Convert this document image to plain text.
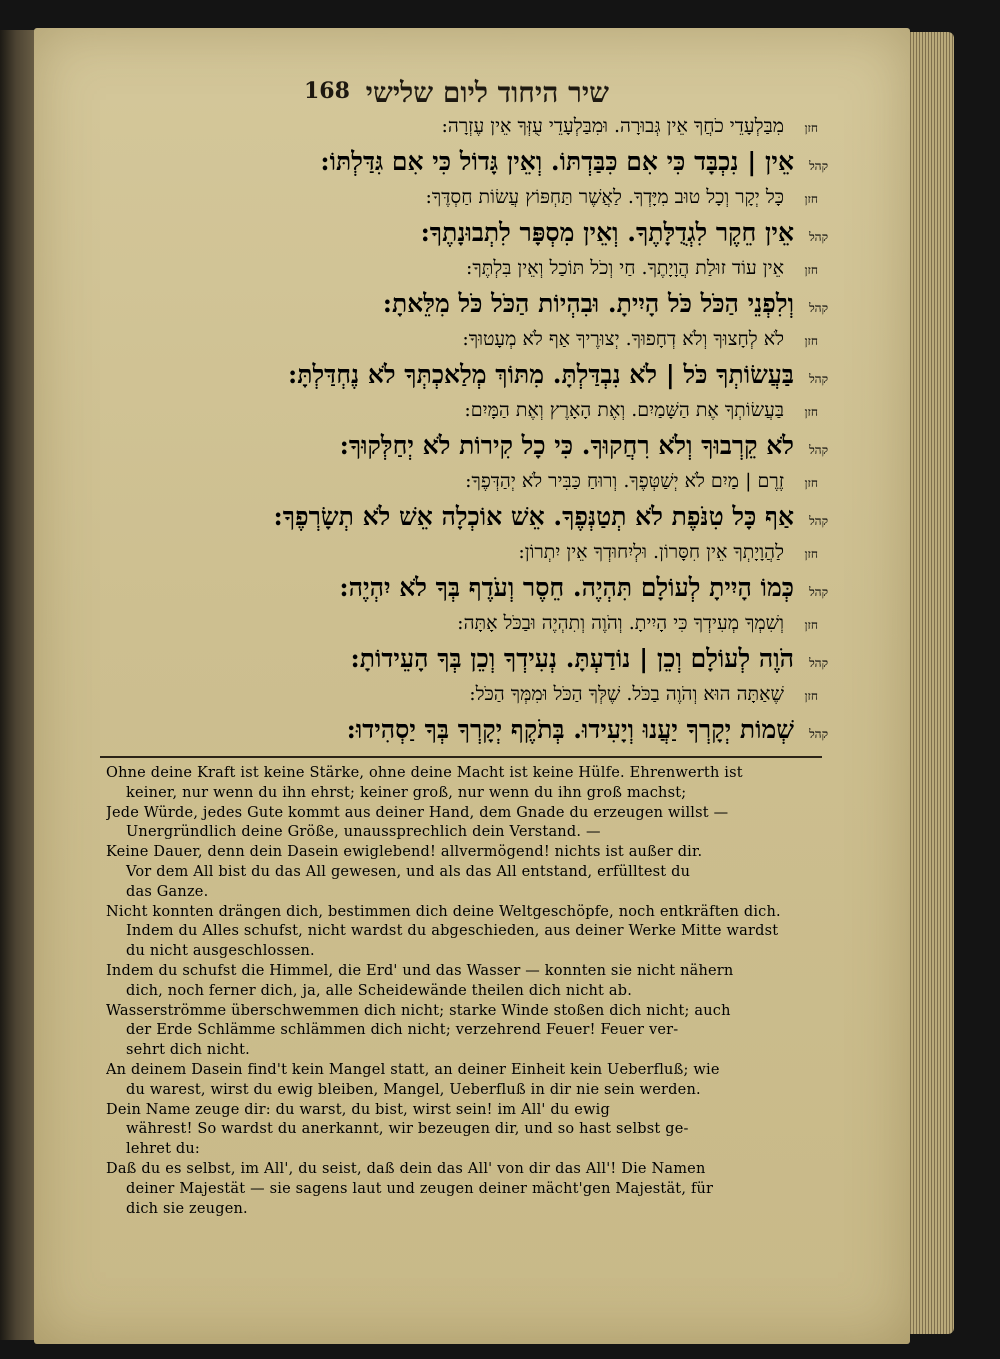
168 שיר היחוד ליום שלישי
חזן
מִבַּלְעָדֵי כֹחֲךָ אֵין גְּבוּרָה. וּמִבַּלְעָדֵי עֻזְּךָ אֵין עֶזְרָה:
קהל
אֵין | נִכְבָּד כִּי אִם כִּבַּדְתּוֹ. וְאֵין גָּדוֹל כִּי אִם גִּדַּלְתּוֹ:
חזן
כָּל יְקָר וְכָל טוּב מִיָּדְךָ. לַאֲשֶׁר תַּחְפּוֹץ עֲשׂוֹת חַסְדֶּךָ:
קהל
אֵין חֵקֶר לִגְדֻלָּתֶךָ. וְאֵין מִסְפָּר לִתְבוּנָתֶךָ:
חזן
אֵין עוֹד זוּלַת הֲוָיָתֶךָ. חַי וְכֹל תּוֹכַל וְאֵין בִּלְתֶּךָ:
קהל
וְלִפְנֵי הַכֹּל כֹּל הָיִיתָ. וּבִהְיוֹת הַכֹּל כֹּל מִלֵּאתָ:
חזן
לֹא לְחָצוּךָ וְלֹא דְחָפוּךָ. יְצוּרֶיךָ אַף לֹא מְעָטוּךָ:
קהל
בַּעֲשׂוֹתְךָ כֹּל | לֹא נִבְדַּלְתָּ. מִתּוֹךְ מְלַאכְתְּךָ לֹא נֶחְדַּלְתָּ:
חזן
בַּעֲשׂוֹתְךָ אֶת הַשָּׁמַיִם. וְאֶת הָאָרֶץ וְאֶת הַמָּיִם:
קהל
לֹא קֵרְבוּךָ וְלֹא רִחֲקוּךָ. כִּי כָל קִירוֹת לֹא יְחַלְּקוּךָ:
חזן
זֶרֶם | מַיִם לֹא יְשַׁטְּפֶךָ. וְרוּחַ כַּבִּיר לֹא יְהַדְּפֶךָ:
קהל
אַף כָּל טִנֹּפֶת לֹא תְטַנְּפֶךָ. אֵשׁ אוֹכְלָה אֵשׁ לֹא תְשָׂרְפֶךָ:
חזן
לַהֲוָיָתְךָ אֵין חִסָּרוֹן. וּלְיִחוּדְךָ אֵין יִתְרוֹן:
קהל
כְּמוֹ הָיִיתָ לְעוֹלָם תִּהְיֶה. חֵסֶר וְעֹדֶף בְּךָ לֹא יִהְיֶה:
חזן
וְשִׁמְךָ מְעִידְךָ כִּי הָיִיתָ. וְהֹוֶה וְתִהְיֶה וּבַכֹּל אָתָּה:
קהל
הֹוֶה לְעוֹלָם וְכֵן | נוֹדַעְתָּ. נְעִידְךָ וְכֵן בְּךָ הָעֵידוֹתָ:
חזן
שֶׁאַתָּה הוּא וְהֹוֶה בַכֹּל. שֶׁלְּךָ הַכֹּל וּמִמְּךָ הַכֹּל:
קהל
שְׁמוֹת יְקָרְךָ יַעֲנוּ וְיָעִידוּ. בְּתֹקֶף יְקָרְךָ בְּךָ יַסְהִידוּ:
Ohne deine Kraft ist keine Stärke, ohne deine Macht ist keine Hülfe. Ehrenwerth ist
keiner, nur wenn du ihn ehrst; keiner groß, nur wenn du ihn groß machst;
Jede Würde, jedes Gute kommt aus deiner Hand, dem Gnade du erzeugen willst —
Unergründlich deine Größe, unaussprechlich dein Verstand. —
Keine Dauer, denn dein Dasein ewiglebend! allvermögend! nichts ist außer dir.
Vor dem All bist du das All gewesen, und als das All entstand, erfülltest du
das Ganze.
Nicht konnten drängen dich, bestimmen dich deine Weltgeschöpfe, noch entkräften dich.
Indem du Alles schufst, nicht wardst du abgeschieden, aus deiner Werke Mitte wardst
du nicht ausgeschlossen.
Indem du schufst die Himmel, die Erd' und das Wasser — konnten sie nicht nähern
dich, noch ferner dich, ja, alle Scheidewände theilen dich nicht ab.
Wasserströmme überschwemmen dich nicht; starke Winde stoßen dich nicht; auch
der Erde Schlämme schlämmen dich nicht; verzehrend Feuer! Feuer ver-
sehrt dich nicht.
An deinem Dasein find't kein Mangel statt, an deiner Einheit kein Ueberfluß; wie
du warest, wirst du ewig bleiben, Mangel, Ueberfluß in dir nie sein werden.
Dein Name zeuge dir: du warst, du bist, wirst sein! im All' du ewig
währest! So wardst du anerkannt, wir bezeugen dir, und so hast selbst ge-
lehret du:
Daß du es selbst, im All', du seist, daß dein das All' von dir das All'! Die Namen
deiner Majestät — sie sagens laut und zeugen deiner mächt'gen Majestät, für
dich sie zeugen.
